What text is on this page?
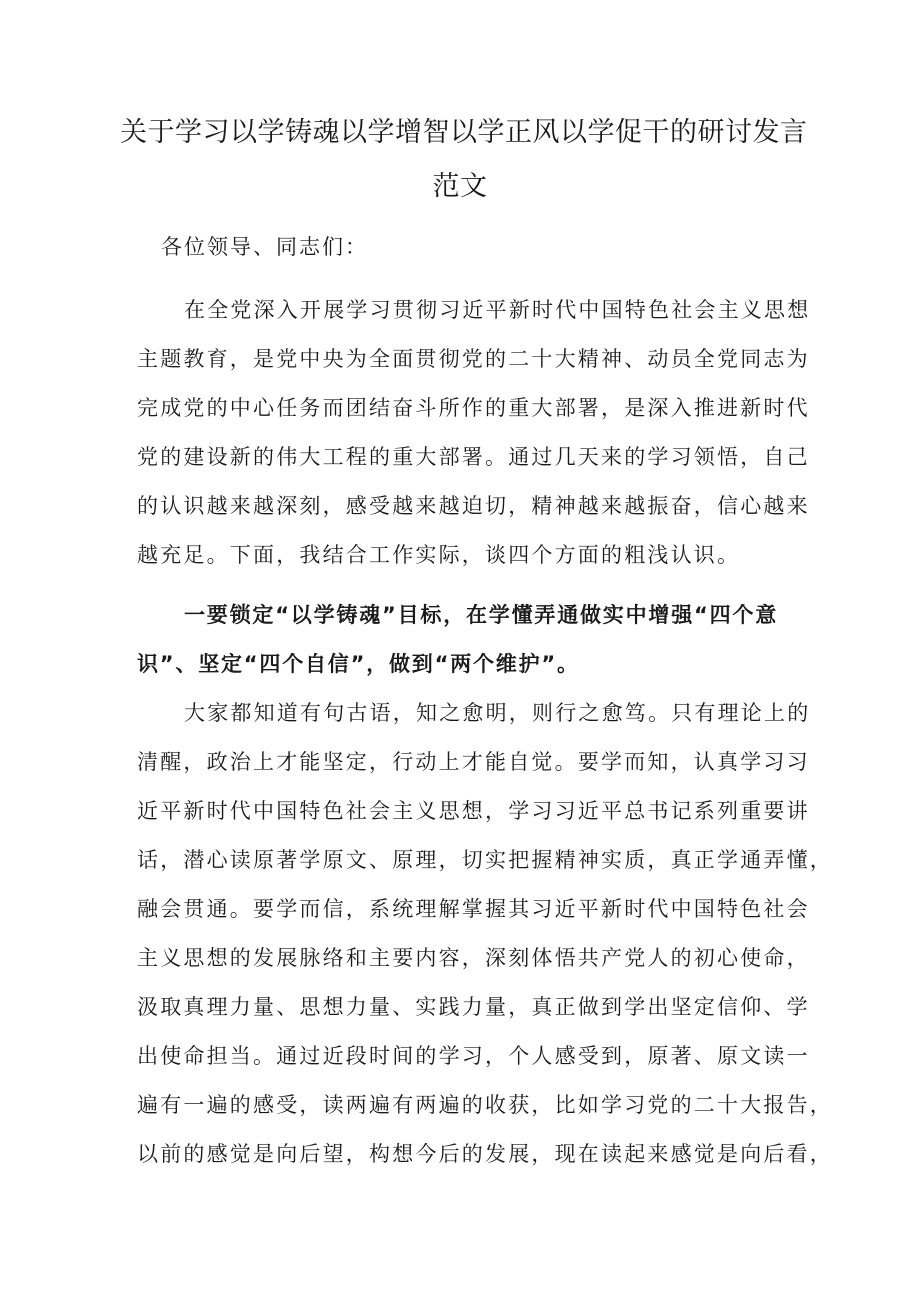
关于学习以学铸魂以学增智以学正风以学促干的研讨发言
范文

各位领导、同志们：

在全党深入开展学习贯彻习近平新时代中国特色社会主义思想

主题教育，是党中央为全面贯彻党的二十大精神、动员全党同志为

完成党的中心任务而团结奋斗所作的重大部署，是深入推进新时代

党的建设新的伟大工程的重大部署。通过几天来的学习领悟，自己

的认识越来越深刻，感受越来越迫切，精神越来越振奋，信心越来

越充足。下面，我结合工作实际，谈四个方面的粗浅认识。

一要锁定“以学铸魂”目标，在学懂弄通做实中增强“四个意

识”、坚定“四个自信”，做到“两个维护”。

大家都知道有句古语，知之愈明，则行之愈笃。只有理论上的

清醒，政治上才能坚定，行动上才能自觉。要学而知，认真学习习

近平新时代中国特色社会主义思想，学习习近平总书记系列重要讲

话，潜心读原著学原文、原理，切实把握精神实质，真正学通弄懂，

融会贯通。要学而信，系统理解掌握其习近平新时代中国特色社会

主义思想的发展脉络和主要内容，深刻体悟共产党人的初心使命，

汲取真理力量、思想力量、实践力量，真正做到学出坚定信仰、学

出使命担当。通过近段时间的学习，个人感受到，原著、原文读一

遍有一遍的感受，读两遍有两遍的收获，比如学习党的二十大报告，

以前的感觉是向后望，构想今后的发展，现在读起来感觉是向后看，
